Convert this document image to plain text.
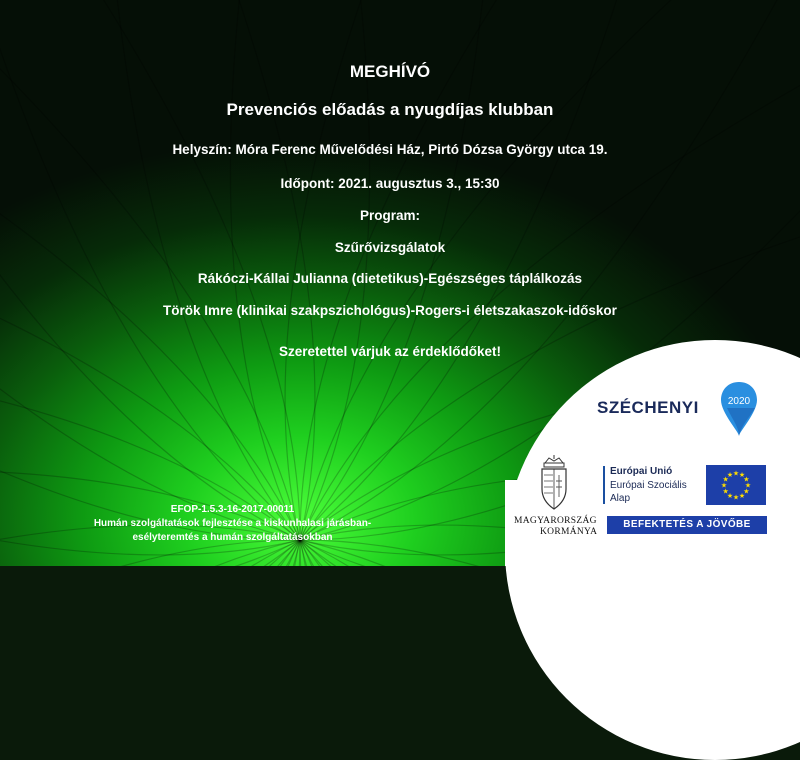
MEGHÍVÓ
Prevenciós előadás a nyugdíjas klubban
Helyszín: Móra Ferenc Művelődési Ház, Pirtó Dózsa György utca 19.
Időpont: 2021. augusztus 3., 15:30
Program:
Szűrővizsgálatok
Rákóczi-Kállai Julianna (dietetikus)-Egészséges táplálkozás
Török Imre (klinikai szakpszichológus)-Rogers-i életszakaszok-időskor
Szeretettel várjuk az érdeklődőket!
SZÉCHENYI	2020
MAGYARORSZÁG
KORMÁNYA
Európai Unió
Európai Szociális
Alap
★
★
★
★
★
★
★
★
★ ★ ★
★
BEFEKTETÉS A JÖVŐBE
EFOP-1.5.3-16-2017-00011
Humán szolgáltatások fejlesztése a kiskunhalasi járásban-
esélyteremtés a humán szolgáltatásokban
